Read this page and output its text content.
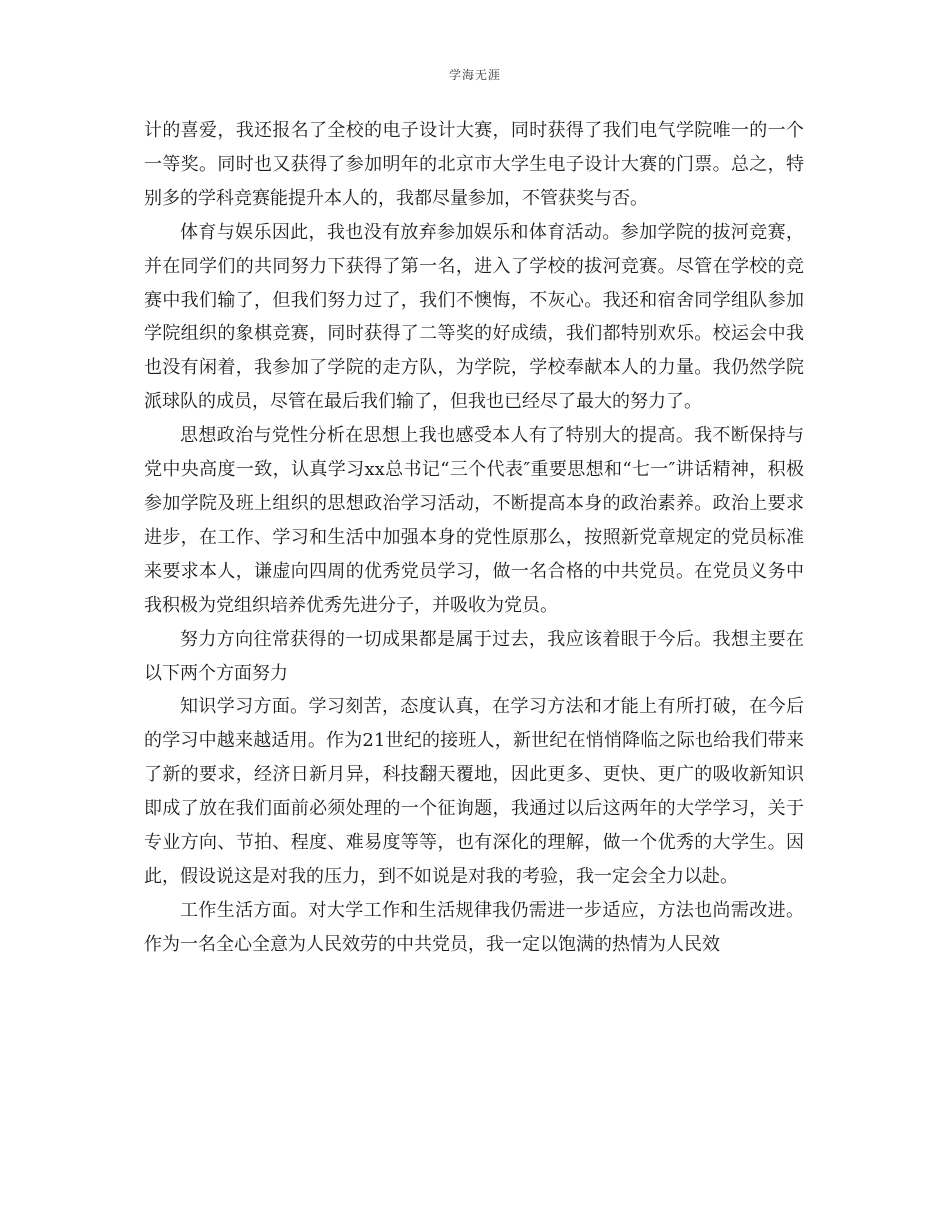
学海无涯

计的喜爱，我还报名了全校的电子设计大赛，同时获得了我们电气学院唯一的一个一等奖。同时也又获得了参加明年的北京市大学生电子设计大赛的门票。总之，特别多的学科竞赛能提升本人的，我都尽量参加，不管获奖与否。

体育与娱乐因此，我也没有放弃参加娱乐和体育活动。参加学院的拔河竞赛，并在同学们的共同努力下获得了第一名，进入了学校的拔河竞赛。尽管在学校的竞赛中我们输了，但我们努力过了，我们不懊悔，不灰心。我还和宿舍同学组队参加学院组织的象棋竞赛，同时获得了二等奖的好成绩，我们都特别欢乐。校运会中我也没有闲着，我参加了学院的走方队，为学院，学校奉献本人的力量。我仍然学院派球队的成员，尽管在最后我们输了，但我也已经尽了最大的努力了。

思想政治与党性分析在思想上我也感受本人有了特别大的提高。我不断保持与党中央高度一致，认真学习xx总书记“三个代表″重要思想和“七一″讲话精神，积极参加学院及班上组织的思想政治学习活动，不断提高本身的政治素养。政治上要求进步，在工作、学习和生活中加强本身的党性原那么，按照新党章规定的党员标准来要求本人，谦虚向四周的优秀党员学习，做一名合格的中共党员。在党员义务中我积极为党组织培养优秀先进分子，并吸收为党员。

努力方向往常获得的一切成果都是属于过去，我应该着眼于今后。我想主要在以下两个方面努力

知识学习方面。学习刻苦，态度认真，在学习方法和才能上有所打破，在今后的学习中越来越适用。作为21世纪的接班人，新世纪在悄悄降临之际也给我们带来了新的要求，经济日新月异，科技翻天覆地，因此更多、更快、更广的吸收新知识即成了放在我们面前必须处理的一个征询题，我通过以后这两年的大学学习，关于专业方向、节拍、程度、难易度等等，也有深化的理解，做一个优秀的大学生。因此，假设说这是对我的压力，到不如说是对我的考验，我一定会全力以赴。

工作生活方面。对大学工作和生活规律我仍需进一步适应，方法也尚需改进。作为一名全心全意为人民效劳的中共党员，我一定以饱满的热情为人民效
